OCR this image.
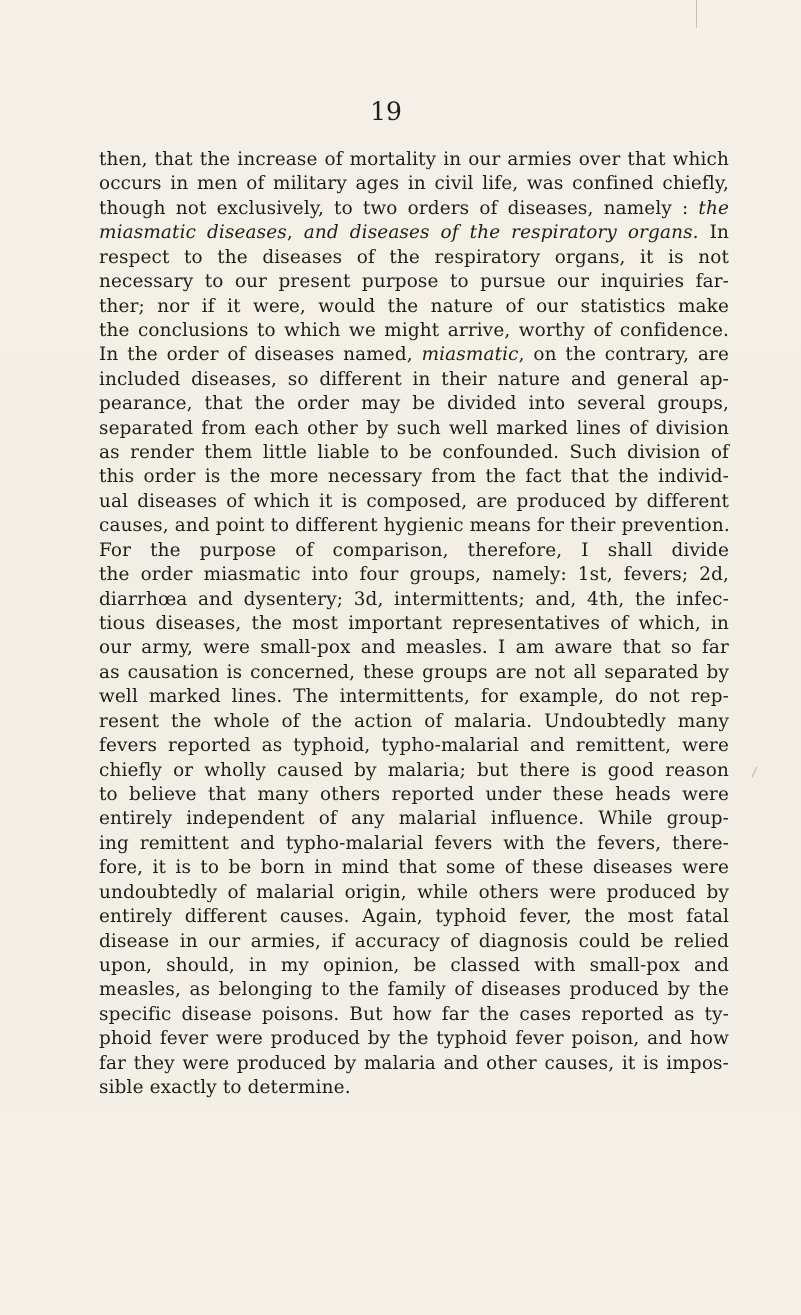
19
then, that the increase of mortality in our armies over that which
occurs in men of military ages in civil life, was confined chiefly,
though not exclusively, to two orders of diseases, namely : the
miasmatic diseases, and diseases of the respiratory organs. In
respect to the diseases of the respiratory organs, it is not
necessary to our present purpose to pursue our inquiries far-
ther; nor if it were, would the nature of our statistics make
the conclusions to which we might arrive, worthy of confidence.
In the order of diseases named, miasmatic, on the contrary, are
included diseases, so different in their nature and general ap-
pearance, that the order may be divided into several groups,
separated from each other by such well marked lines of division
as render them little liable to be confounded. Such division of
this order is the more necessary from the fact that the individ-
ual diseases of which it is composed, are produced by different
causes, and point to different hygienic means for their prevention.
For the purpose of comparison, therefore, I shall divide
the order miasmatic into four groups, namely: 1st, fevers; 2d,
diarrhœa and dysentery; 3d, intermittents; and, 4th, the infec-
tious diseases, the most important representatives of which, in
our army, were small-pox and measles. I am aware that so far
as causation is concerned, these groups are not all separated by
well marked lines. The intermittents, for example, do not rep-
resent the whole of the action of malaria. Undoubtedly many
fevers reported as typhoid, typho-malarial and remittent, were
chiefly or wholly caused by malaria; but there is good reason
to believe that many others reported under these heads were
entirely independent of any malarial influence. While group-
ing remittent and typho-malarial fevers with the fevers, there-
fore, it is to be born in mind that some of these diseases were
undoubtedly of malarial origin, while others were produced by
entirely different causes. Again, typhoid fever, the most fatal
disease in our armies, if accuracy of diagnosis could be relied
upon, should, in my opinion, be classed with small-pox and
measles, as belonging to the family of diseases produced by the
specific disease poisons. But how far the cases reported as ty-
phoid fever were produced by the typhoid fever poison, and how
far they were produced by malaria and other causes, it is impos-
sible exactly to determine.
